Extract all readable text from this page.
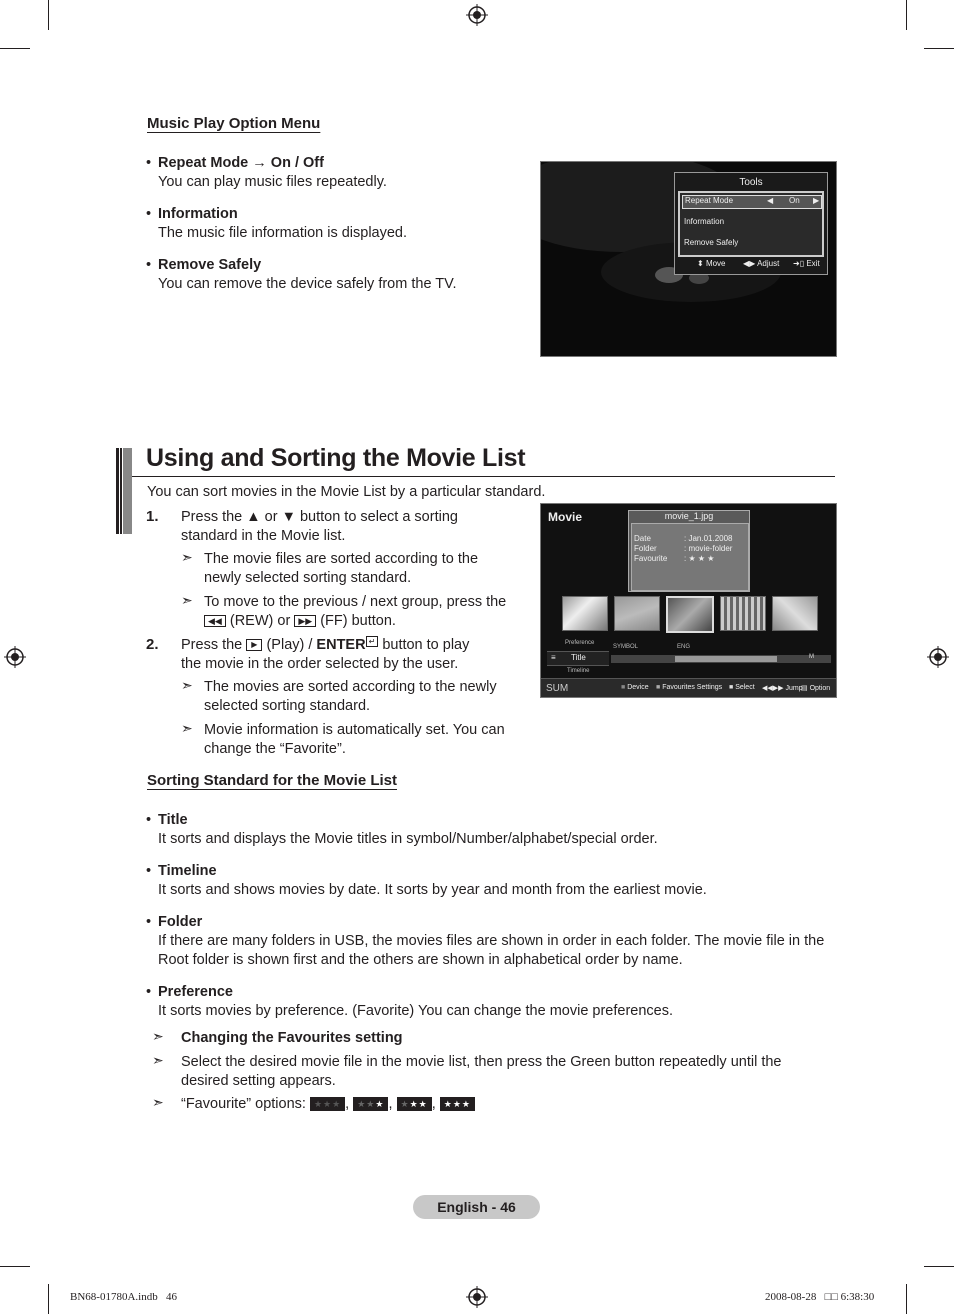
Music Play Option Menu
• Repeat Mode → On / Off
You can play music files repeatedly.
• Information
The music file information is displayed.
• Remove Safely
You can remove the device safely from the TV.
Tools
Repeat Mode	◀ On ▶
Information
Remove Safely
⬍ Move ◀▶ Adjust ➜▯ Exit
Using and Sorting the Movie List
You can sort movies in the Movie List by a particular standard.
1. Press the ▲ or ▼ button to select a sorting
standard in the Movie list.
➣ The movie files are sorted according to the
newly selected sorting standard.
➣ To move to the previous / next group, press the
◀◀ (REW) or ▶▶ (FF) button.
2. Press the ▶ (Play) / ENTER ↵ button to play
the movie in the order selected by the user.
➣ The movies are sorted according to the newly
selected sorting standard.
➣ Movie information is automatically set. You can
change the “Favorite”.
Movie	movie_1.jpg
Date	: Jan.01.2008
Folder	: movie-folder
Favourite : ★ ★ ★
Preference
≡ Title
Timeline
SYMBOL	ENG
M
SUM	■ Device ■ Favourites Settings ■ Select ◀◀▶▶ Jump
▤ Option
Sorting Standard for the Movie List
• Title
It sorts and displays the Movie titles in symbol/Number/alphabet/special order.
• Timeline
It sorts and shows movies by date. It sorts by year and month from the earliest movie.
• Folder
If there are many folders in USB, the movies files are shown in order in each folder. The movie file in the
Root folder is shown first and the others are shown in alphabetical order by name.
• Preference
It sorts movies by preference. (Favorite) You can change the movie preferences.
➣ Changing the Favourites setting
➣ Select the desired movie file in the movie list, then press the Green button repeatedly until the
desired setting appears.
➣ “Favourite” options: ★★★ , ★★★ , ★★★ , ★★★
English - 46
BN68-01780A.indb   46	2008-08-28   □□ 6:38:30
